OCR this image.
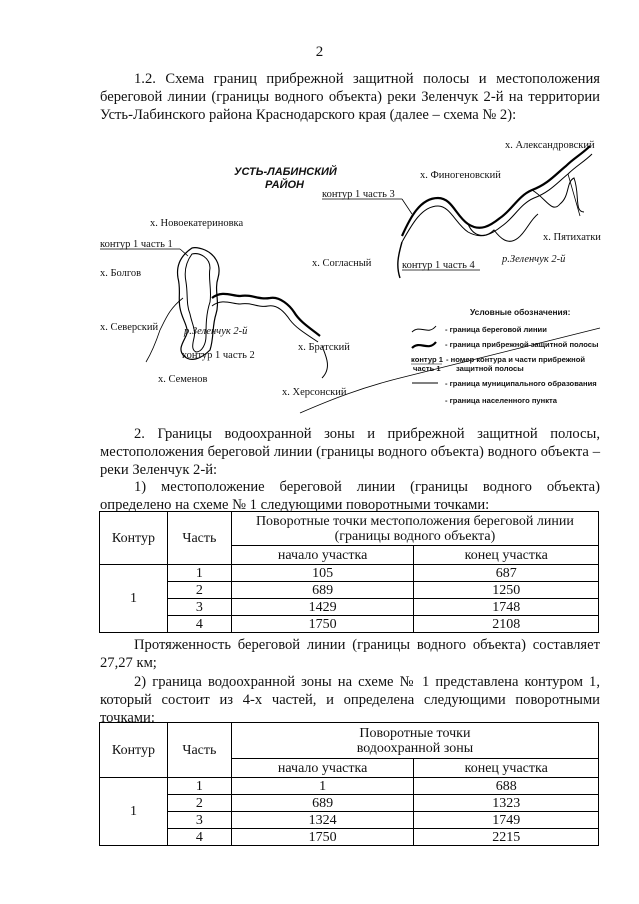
2
1.2. Схема границ прибрежной защитной полосы и местоположения береговой линии (границы водного объекта) реки Зеленчук 2-й на территории Усть-Лабинского района Краснодарского края (далее – схема № 2):
УСТЬ-ЛАБИНСКИЙ
РАЙОН
х. Александровский
х. Финогеновский
х. Новоекатериновка
х. Пятихатки
х. Согласный
х. Болгов
х. Северский
х. Братский
х. Семенов
х. Херсонский
контур 1 часть 1
контур 1 часть 2
контур 1 часть 3
контур 1 часть 4
р.Зеленчук 2-й
р.Зеленчук 2-й
Условные обозначения:
- граница береговой линии
- граница прибрежной защитной полосы
контур 1
часть 1
- номер контура и части прибрежной
защитной полосы
- граница муниципального образования
- граница населенного пункта
2. Границы водоохранной зоны и прибрежной защитной полосы, местоположения береговой линии (границы водного объекта) водного объекта – реки Зеленчук 2-й:
1) местоположение береговой линии (границы водного объекта) определено на схеме № 1 следующими поворотными точками:
Контур	Часть	Поворотные точки местоположения береговой линии
(границы водного объекта)	

		начало участка	конец участка
1	1	105	687
	2	689	1250
	3	1429	1748
	4	1750	2108
Протяженность береговой линии (границы водного объекта) составляет 27,27 км;
2) граница водоохранной зоны на схеме № 1 представлена контуром 1, который состоит из 4-х частей, и определена следующими поворотными точками:
Контур	Часть	Поворотные точки
водоохранной зоны	

		начало участка	конец участка
1	1	1	688
	2	689	1323
	3	1324	1749
	4	1750	2215
